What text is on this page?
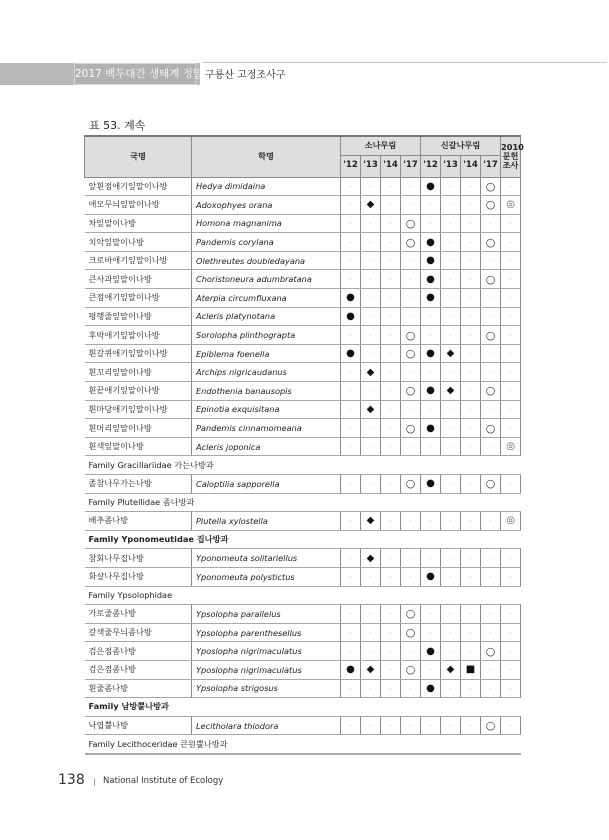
2017 백두대간 생태계 정밀조사
구룡산 고정조사구
표 53. 계속
국명	학명	소나무림				신갈나무림				2010
문헌
조사

		'12	'13	'14	'17	'12	'13	'14	'17	
앞흰점애기잎말이나방	Hedya dimidaina	·	·	·	·	●	·	·	○	·
애모무늬잎말이나방	Adoxophyes orana	·	◆	·	·	·	·	·	○	◎
차잎말이나방	Homona magnanima	·	·	·	○	·	·	·	·	·
치악잎말이나방	Pandemis corylana	·	·	·	○	●	·	·	○	·
크로바애기잎말이나방	Olethreutes doubledayana	·	·	·	·	●	·	·	·	·
큰사과잎말이나방	Choristoneura adumbratana	·	·	·	·	●	·	·	○	·
큰점애기잎말이나방	Aterpia circumfluxana	●	·	·	·	●	·	·	·	·
평행줄잎말이나방	Acleris platynotana	●	·	·	·	·	·	·	·	·
후박애기잎말이나방	Sorolopha plinthograpta	·	·	·	○	·	·	·	○	·
흰갈퀴애기잎말이나방	Epiblema foenella	●	·	·	○	●	◆	·	·	·
흰꼬리잎말이나방	Archips nigricaudanus	·	◆	·	·	·	·	·	·	·
흰끝애기잎말이나방	Endothenia banausopis	·	·	·	○	●	◆	·	○	·
흰마당애기잎말이나방	Epinotia exquisitana	·	◆	·	·	·	·	·	·	·
흰머리잎말이나방	Pandemis cinnamomeana	·	·	·	○	●	·	·	○	·
흰색잎말이나방	Acleris joponica	·	·	·	·	·	·	·	·	◎
Family Gracillariidae 가는나방과										
졸참나무가는나방	Caloptilia sapporella	·	·	·	○	●	·	·	○	·
Family Plutellidae 좀나방과										
배추좀나방	Plutella xylostella	·	◆	·	·	·	·	·	·	◎
Family Yponomeutidae 집나방과										
참회나무집나방	Yponomeuta solitariellus	·	◆	·	·	·	·	·	·	·
화살나무집나방	Yponomeuta polystictus	·	·	·	·	●	·	·	·	·
Family Ypsolophidae										
가로줄좀나방	Ypsolopha parallelus	·	·	·	○	·	·	·	·	·
갈색줄무늬좀나방	Ypsolopha parenthesellus	·	·	·	○	·	·	·	·	·
검은점좀나방	Yposlopha nigrimaculatus	·	·	·	·	●	·	·	○	·
검은점좀나방	Yposlopha nigrimaculatus	●	◆	·	○	·	◆	■	·	·
흰줄좀나방	Ypsolopha strigosus	·	·	·	·	●	·	·	·	·
Family 남방뿔나방과										
낙엽뿔나방	Lecitholara thiodora	·	·	·	·	·	·	·	○	·
Family Lecithoceridae 큰원뿔나방과										
138 | National Institute of Ecology
